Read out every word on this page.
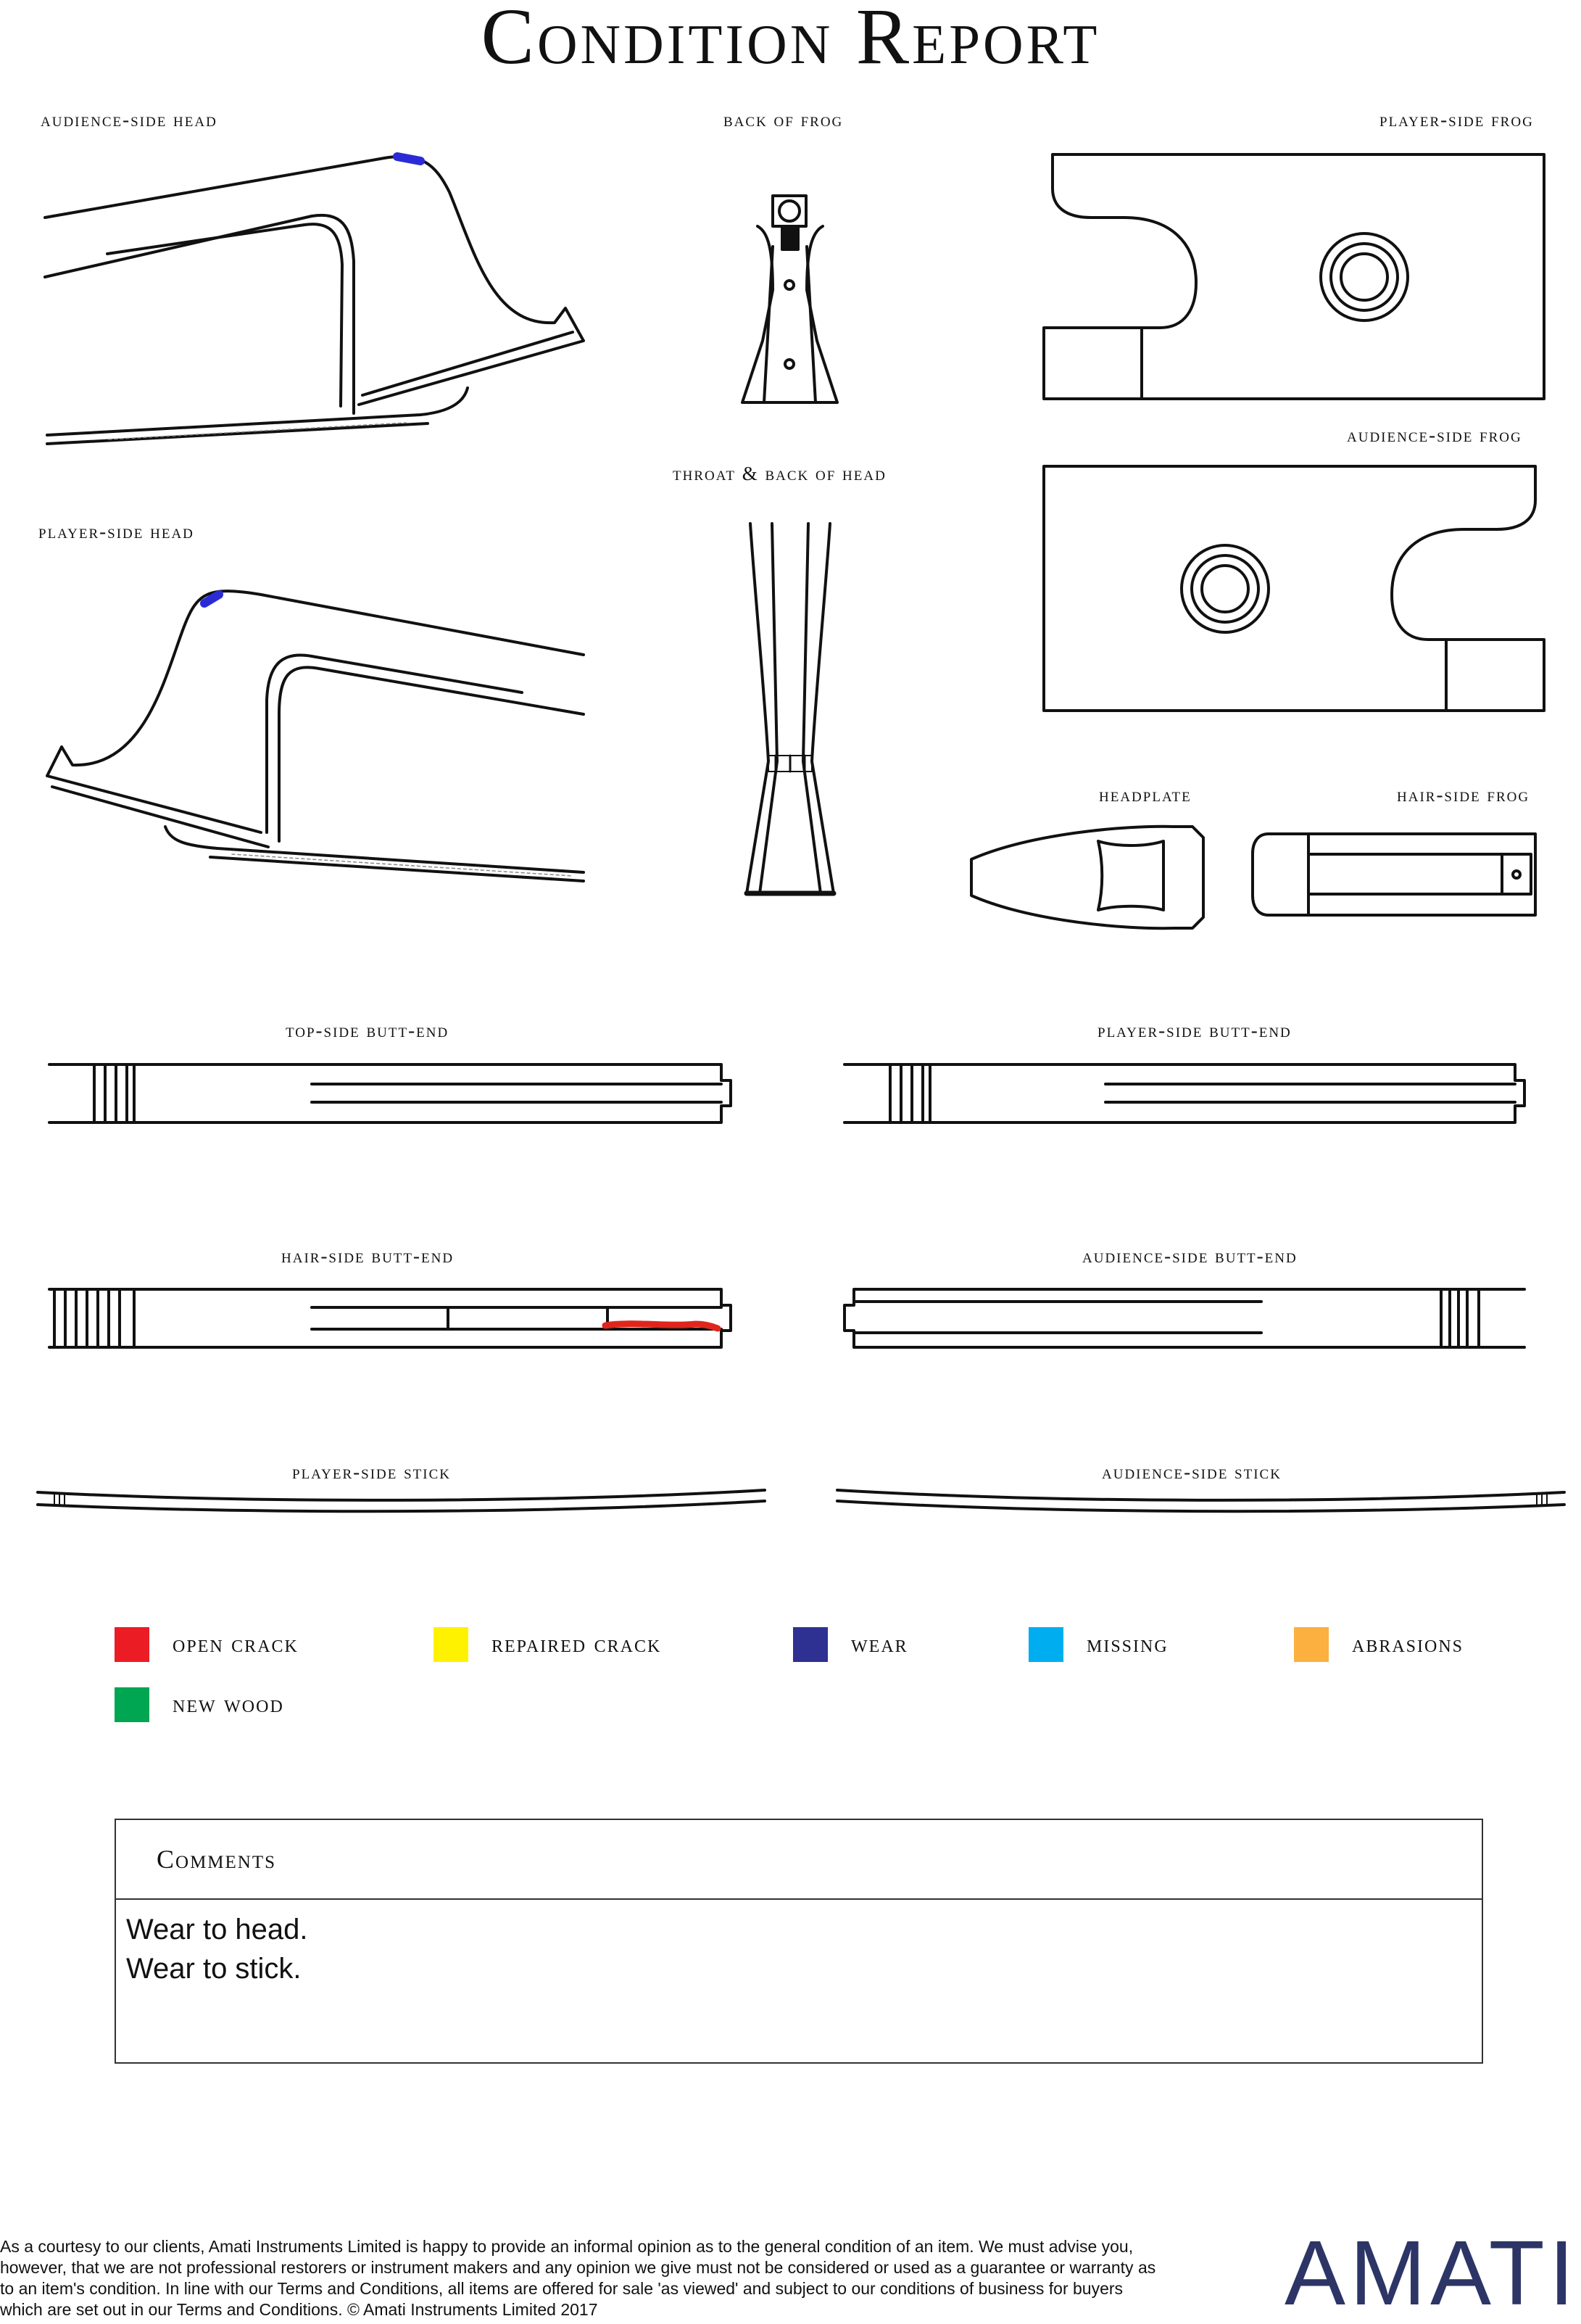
Condition Report
audience-side head	back of frog	player-side frog
throat & back of head
audience-side frog
player-side head
headplate	hair-side frog
top-side butt-end	player-side butt-end
hair-side butt-end	audience-side butt-end
player-side stick	audience-side stick
open crack	repaired crack	wear	missing	abrasions
new wood
Comments
Wear to head.
Wear to stick.

As a courtesy to our clients, Amati Instruments Limited is happy to provide an informal opinion as to the general condition of an item. We must advise you, however, that we are not professional restorers or instrument makers and any opinion we give must not be considered or used as a guarantee or warranty as to an item's condition. In line with our Terms and Conditions, all items are offered for sale 'as viewed' and subject to our conditions of business for buyers which are set out in our Terms and Conditions. © Amati Instruments Limited 2017	AMATI
